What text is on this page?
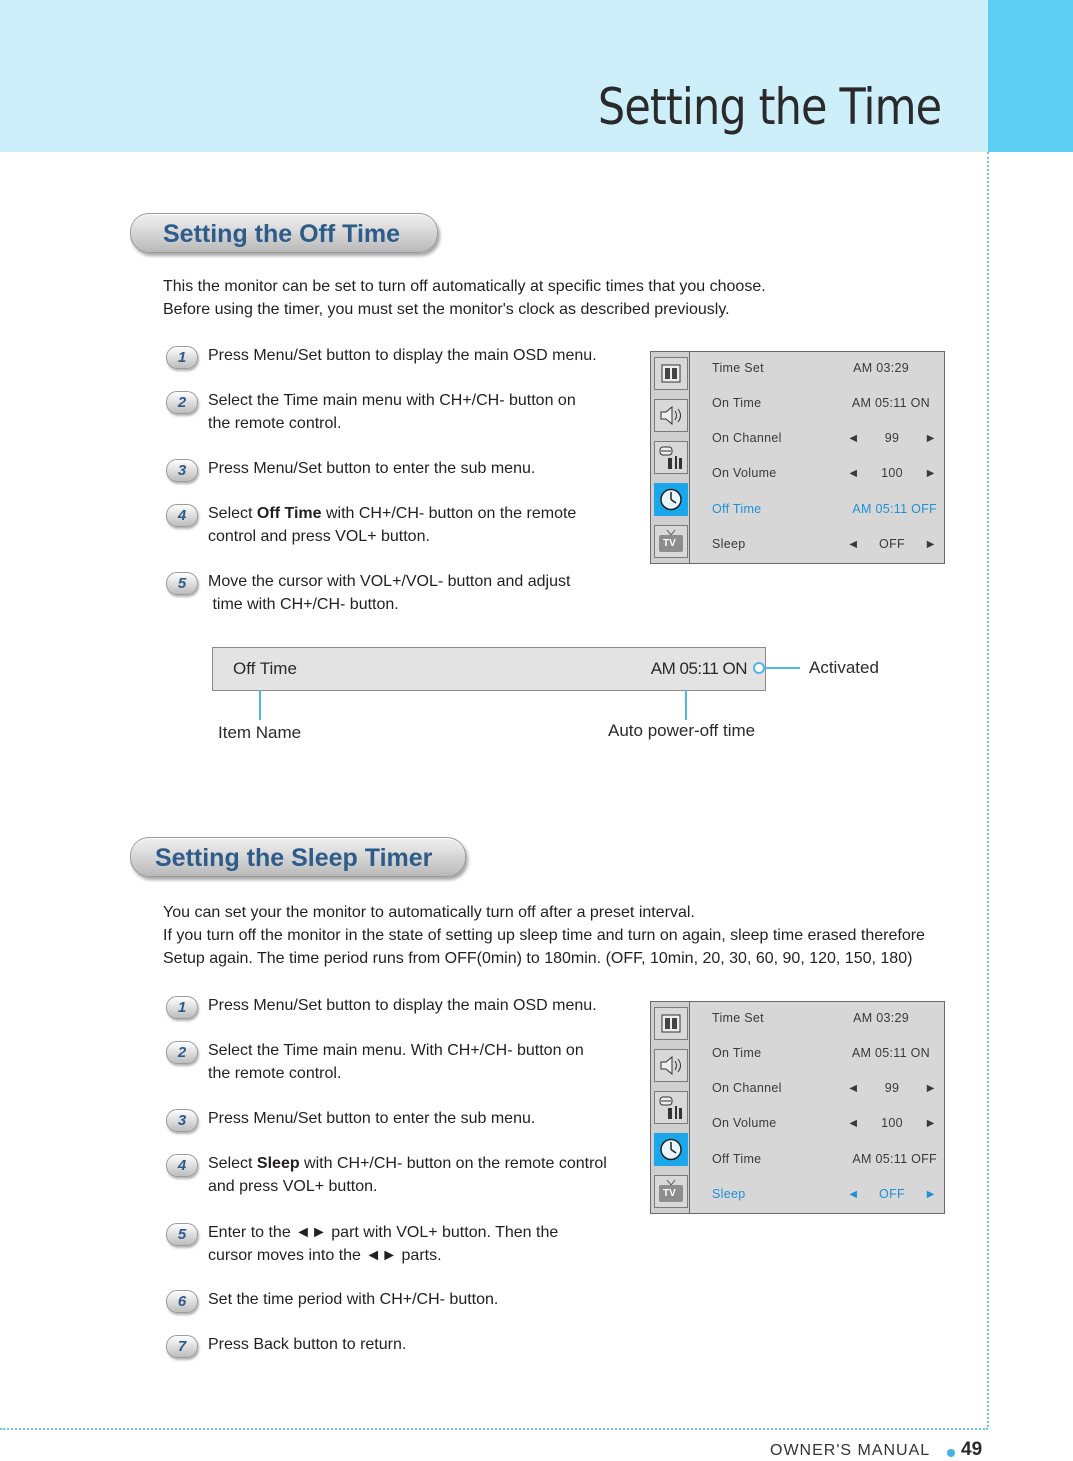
Setting the Time
Setting the Off Time
This the monitor can be set to turn off automatically at specific times that you choose.
Before using the timer, you must set the monitor's clock as described previously.
1	Press Menu/Set button to display the main OSD menu.
2	Select the Time main menu with CH+/CH- button on
the remote control.
3	Press Menu/Set button to enter the sub menu.
4	Select Off Time with CH+/CH- button on the remote
control and press VOL+ button.
5	Move the cursor with VOL+/VOL- button and adjust
time with CH+/CH- button.
TV
Time Set	AM 03:29
On Time	AM 05:11 ON
On Channel	◄	99	►
On Volume	◄	100	►
Off Time	AM 05:11 OFF
Sleep	◄	OFF	►
Off Time	AM 05:11 ON	Activated
Item Name	Auto power-off time
Setting the Sleep Timer
You can set your the monitor to automatically turn off after a preset interval.
If you turn off the monitor in the state of setting up sleep time and turn on again, sleep time erased therefore
Setup again. The time period runs from OFF(0min) to 180min. (OFF, 10min, 20, 30, 60, 90, 120, 150, 180)
1	Press Menu/Set button to display the main OSD menu.
2	Select the Time main menu. With CH+/CH- button on
the remote control.
3	Press Menu/Set button to enter the sub menu.
4	Select Sleep with CH+/CH- button on the remote control
and press VOL+ button.
5	Enter to the ◄► part with VOL+ button. Then the
cursor moves into the ◄► parts.
6	Set the time period with CH+/CH- button.
7	Press Back button to return.
TV
Time Set	AM 03:29
On Time	AM 05:11 ON
On Channel	◄	99	►
On Volume	◄	100	►
Off Time	AM 05:11 OFF
Sleep	◄	OFF	►
OWNER'S MANUAL 49
